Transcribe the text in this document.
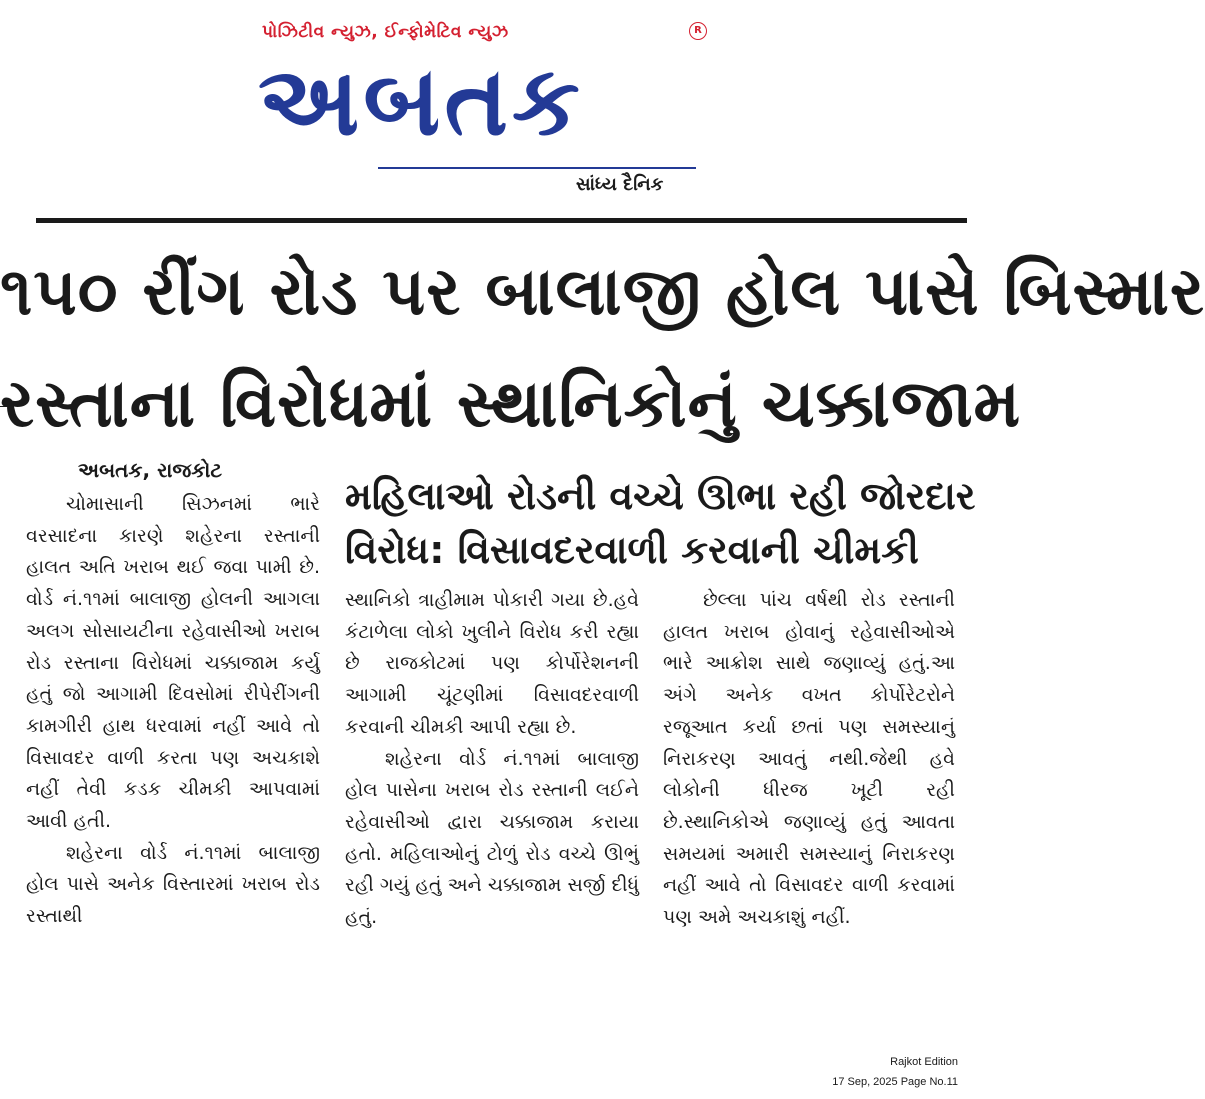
પોઝિટીવ ન્યુઝ, ઈન્ફોમેટિવ ન્યુઝ	R
અબતક
સાંધ્ય દૈનિક
૧૫૦ રીંગ રોડ પર બાલાજી હોલ પાસે બિસ્માર
રસ્તાના વિરોધમાં સ્થાનિકોનું ચક્કાજામ
મહિલાઓ રોડની વચ્ચે ઊભા રહી જોરદાર
વિરોધ: વિસાવદરવાળી કરવાની ચીમકી
અબતક, રાજકોટ

ચોમાસાની સિઝનમાં ભારે વરસાદના કારણે શહેરના રસ્તાની હાલત અતિ ખરાબ થઈ જવા પામી છે. વોર્ડ નં.૧૧માં બાલાજી હોલની આગલા અલગ સોસાયટીના રહેવાસીઓ ખરાબ રોડ રસ્તાના વિરોધમાં ચક્કાજામ કર્યુ હતું જો આગામી દિવસોમાં રીપેરીંગની કામગીરી હાથ ધરવામાં નહીં આવે તો વિસાવદર વાળી કરતા પણ અચકાશે નહીં તેવી કડક ચીમકી આપવામાં આવી હતી.

શહેરના વોર્ડ નં.૧૧માં બાલાજી હોલ પાસે અનેક વિસ્તારમાં ખરાબ રોડ રસ્તાથી

સ્થાનિકો ત્રાહીમામ પોકારી ગયા છે.હવે કંટાળેલા લોકો ખુલીને વિરોધ કરી રહ્યા છે રાજકોટમાં પણ કોર્પોરેશનની આગામી ચૂંટણીમાં વિસાવદરવાળી કરવાની ચીમકી આપી રહ્યા છે.

શહેરના વોર્ડ નં.૧૧માં બાલાજી હોલ પાસેના ખરાબ રોડ રસ્તાની લઈને રહેવાસીઓ દ્વારા ચક્કાજામ કરાયા હતો. મહિલાઓનું ટોળું રોડ વચ્ચે ઊભું રહી ગયું હતું અને ચક્કાજામ સર્જી દીધું હતું.

છેલ્લા પાંચ વર્ષથી રોડ રસ્તાની હાલત ખરાબ હોવાનું રહેવાસીઓએ ભારે આક્રોશ સાથે જણાવ્યું હતું.આ અંગે અનેક વખત કોર્પોરેટરોને રજૂઆત કર્યા છતાં પણ સમસ્યાનું નિરાકરણ આવતું નથી.જેથી હવે લોકોની ધીરજ ખૂટી રહી છે.સ્થાનિકોએ જણાવ્યું હતું આવતા સમયમાં અમારી સમસ્યાનું નિરાકરણ નહીં આવે તો વિસાવદર વાળી કરવામાં પણ અમે અચકાશું નહીં.

Rajkot Edition
17 Sep, 2025 Page No.11
